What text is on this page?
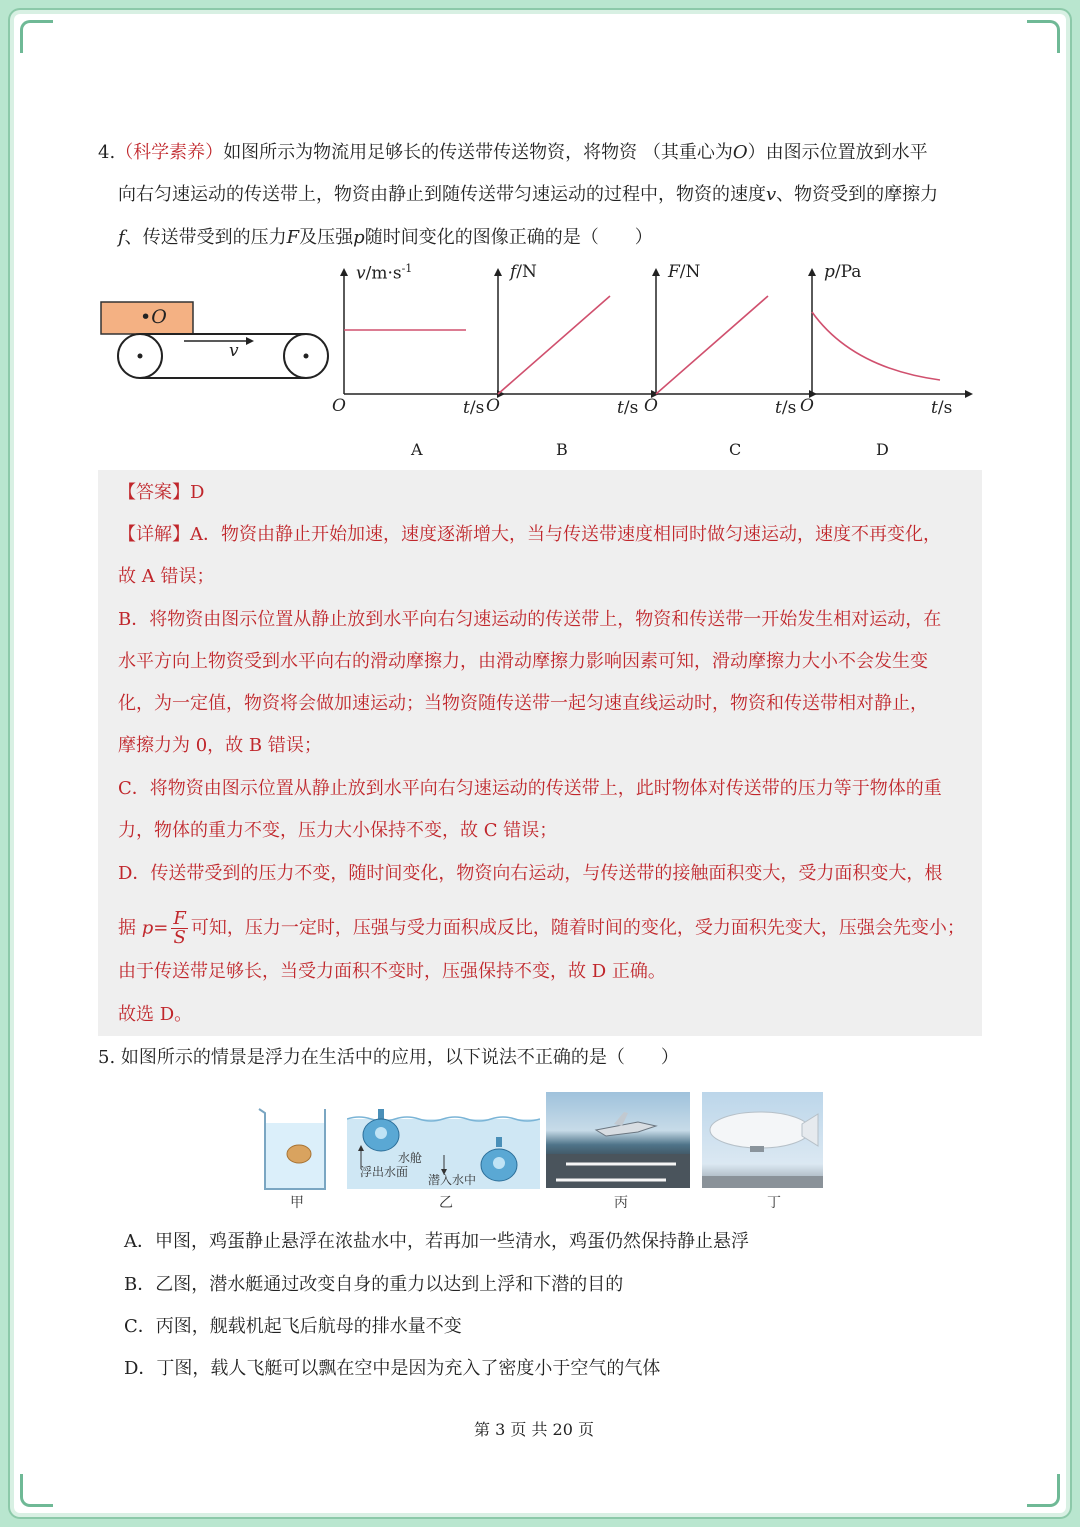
4.（科学素养）如图所示为物流用足够长的传送带传送物资，将物资 （其重心为O）由图示位置放到水平
向右匀速运动的传送带上，物资由静止到随传送带匀速运动的过程中，物资的速度v、物资受到的摩擦力
f、传送带受到的压力F及压强p随时间变化的图像正确的是（　　）
•O
v
$v/m\cdot s^{-1}$
O	t/s
A
f/N
O	t/s
B
F/N
O	t/s
C
p/Pa
O	t/s
D
【答案】D
【详解】A．物资由静止开始加速，速度逐渐增大，当与传送带速度相同时做匀速运动，速度不再变化，
故 A 错误；
B．将物资由图示位置从静止放到水平向右匀速运动的传送带上，物资和传送带一开始发生相对运动，在
水平方向上物资受到水平向右的滑动摩擦力，由滑动摩擦力影响因素可知，滑动摩擦力大小不会发生变
化，为一定值，物资将会做加速运动；当物资随传送带一起匀速直线运动时，物资和传送带相对静止，
摩擦力为 0，故 B 错误；
C．将物资由图示位置从静止放到水平向右匀速运动的传送带上，此时物体对传送带的压力等于物体的重
力，物体的重力不变，压力大小保持不变，故 C 错误；
D．传送带受到的压力不变，随时间变化，物资向右运动，与传送带的接触面积变大，受力面积变大，根
据 $p= \frac{F}{S}$ 可知，压力一定时，压强与受力面积成反比，随着时间的变化，受力面积先变大，压强会先变小；
由于传送带足够长，当受力面积不变时，压强保持不变，故 D 正确。
故选 D。
5. 如图所示的情景是浮力在生活中的应用，以下说法不正确的是（　　）
甲
水舱
浮出水面
潜入水中
乙	丙	丁
A．甲图，鸡蛋静止悬浮在浓盐水中，若再加一些清水，鸡蛋仍然保持静止悬浮
B．乙图，潜水艇通过改变自身的重力以达到上浮和下潜的目的
C．丙图，舰载机起飞后航母的排水量不变
D．丁图，载人飞艇可以飘在空中是因为充入了密度小于空气的气体
第 3 页 共 20 页
